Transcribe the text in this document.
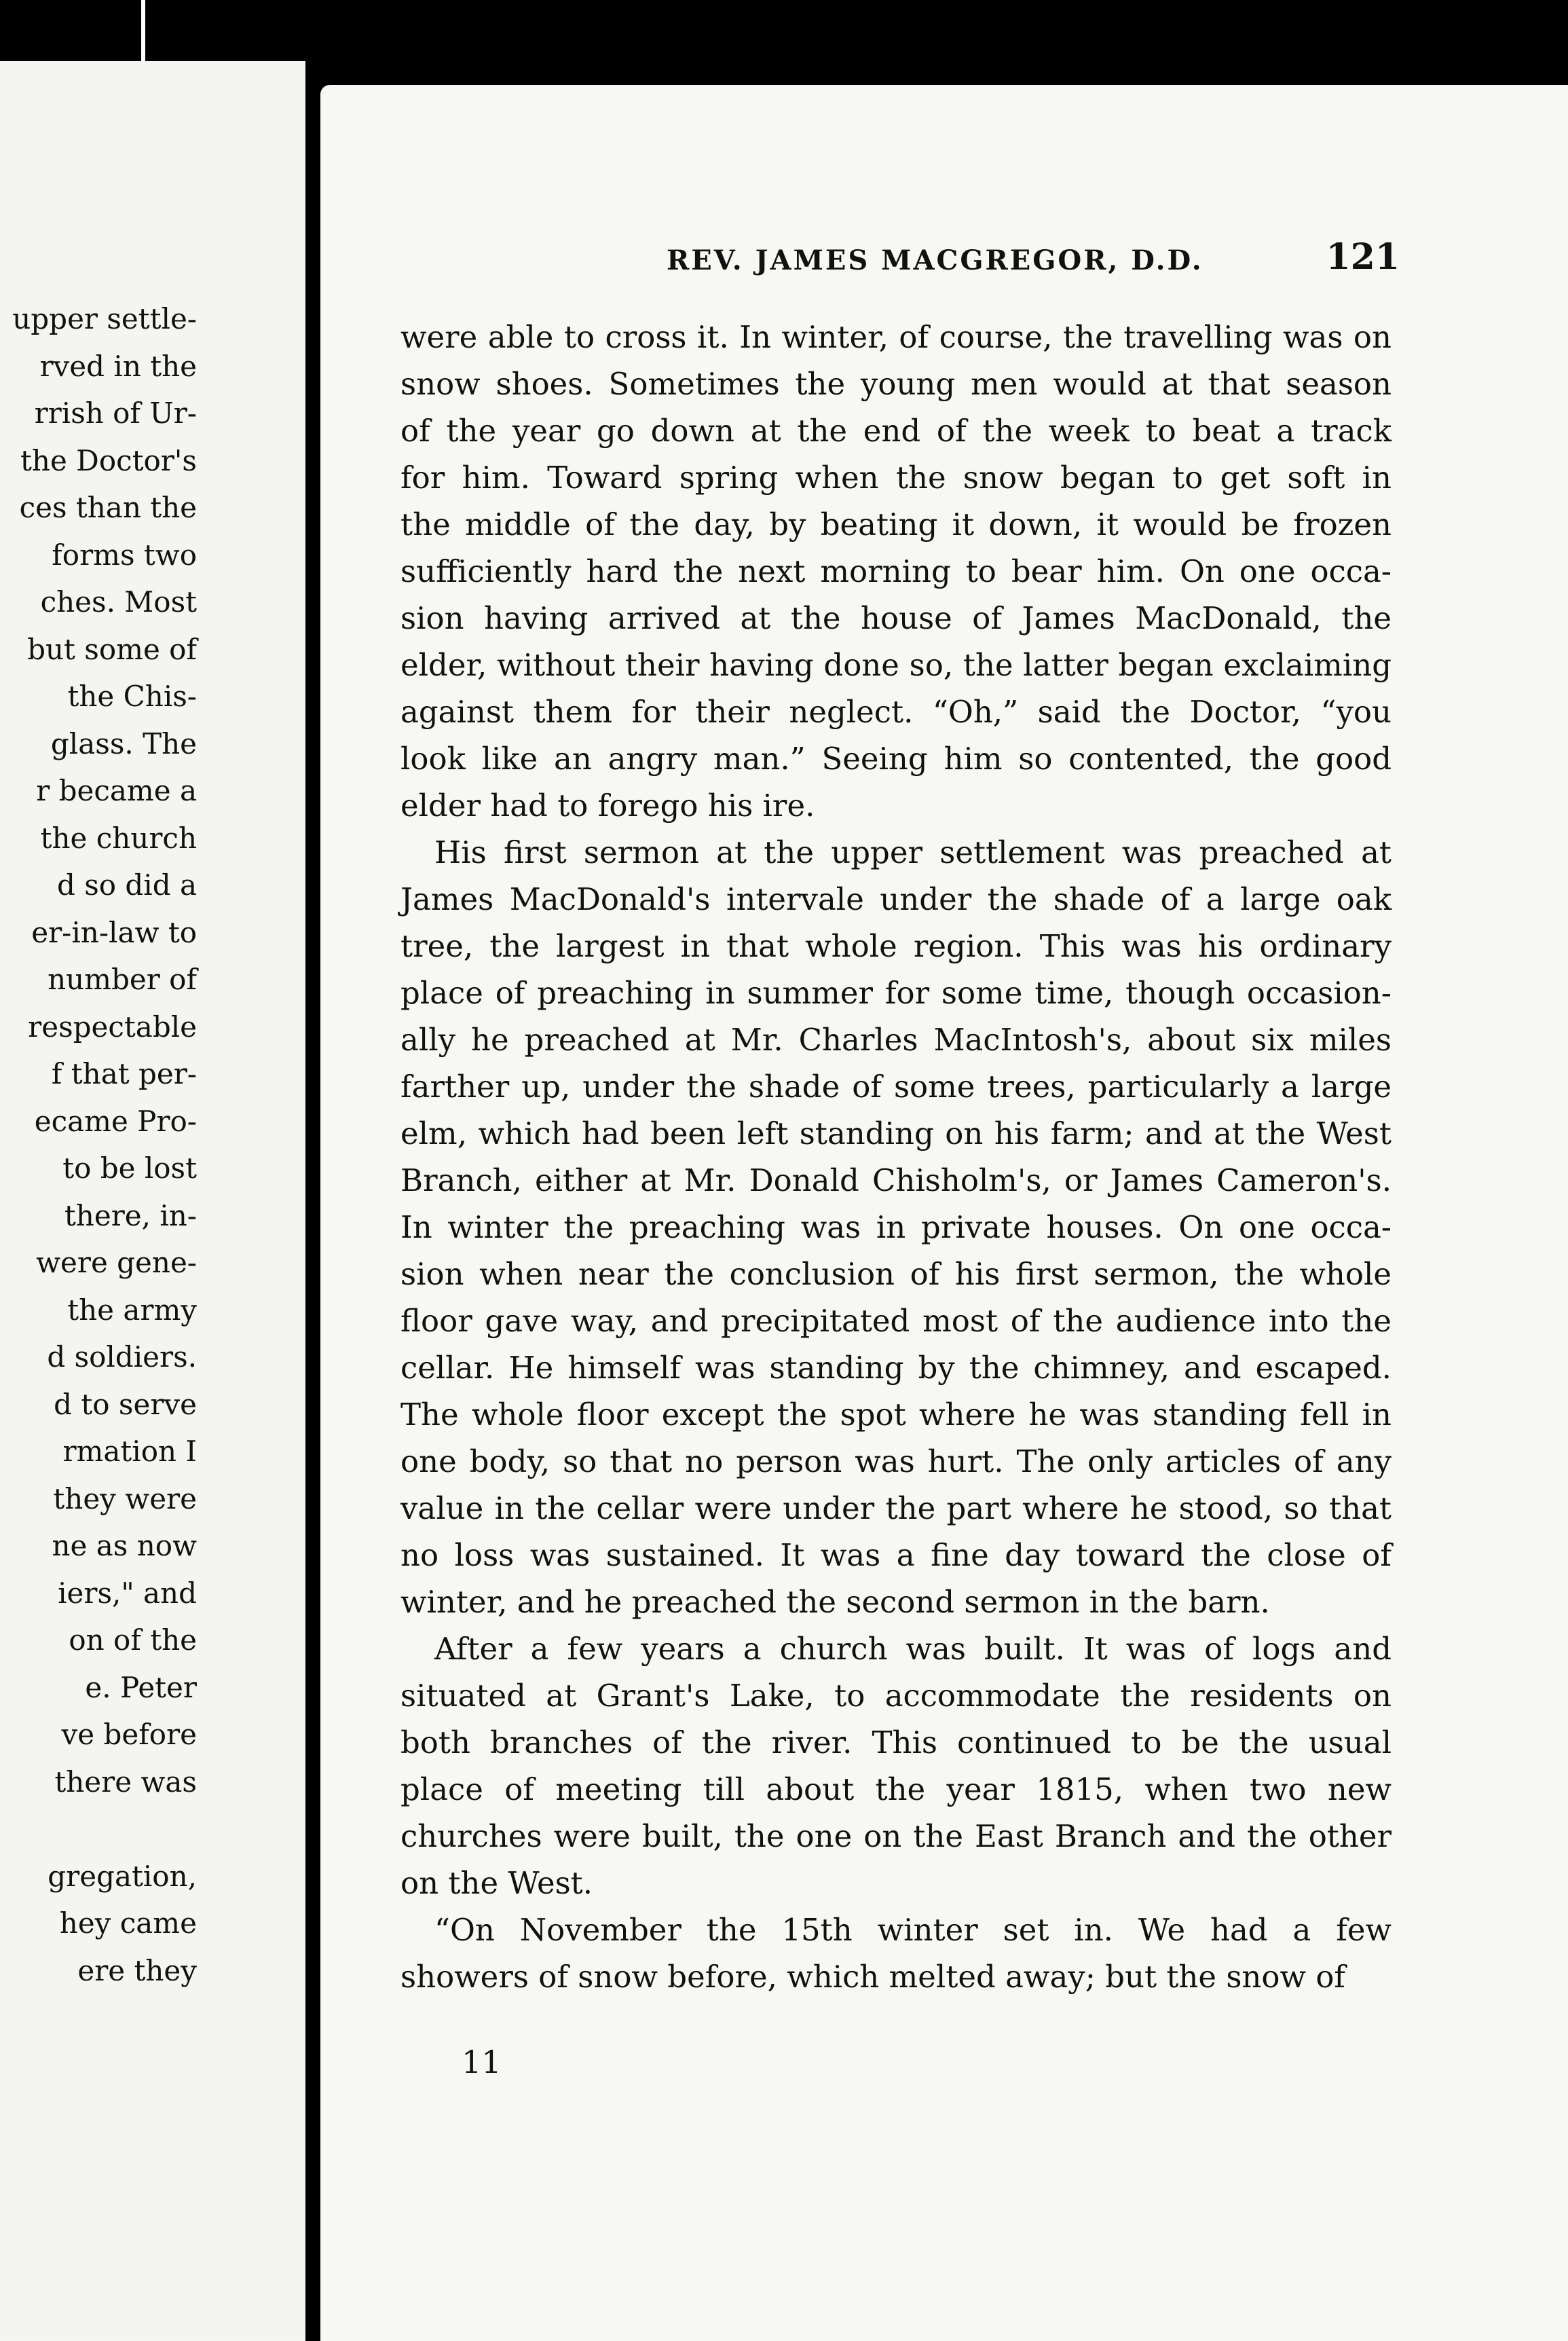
upper settle-
rved in the
rrish of Ur-
the Doctor's
ces than the
forms two
ches. Most
but some of
the Chis-
glass. The
r became a
the church
d so did a
er-in-law to
number of
respectable
f that per-
ecame Pro-
to be lost
there, in-
were gene-
the army
d soldiers.
d to serve
rmation I
they were
ne as now
iers," and
on of the
e. Peter
ve before
there was
gregation,
hey came
ere they
REV. JAMES MACGREGOR, D.D.	121
were able to cross it. In winter, of course, the travelling was on
snow shoes. Sometimes the young men would at that season
of the year go down at the end of the week to beat a track
for him. Toward spring when the snow began to get soft in
the middle of the day, by beating it down, it would be frozen
sufficiently hard the next morning to bear him. On one occa-
sion having arrived at the house of James MacDonald, the
elder, without their having done so, the latter began exclaiming
against them for their neglect. “Oh,” said the Doctor, “you
look like an angry man.” Seeing him so contented, the good
elder had to forego his ire.
His first sermon at the upper settlement was preached at
James MacDonald's intervale under the shade of a large oak
tree, the largest in that whole region. This was his ordinary
place of preaching in summer for some time, though occasion-
ally he preached at Mr. Charles MacIntosh's, about six miles
farther up, under the shade of some trees, particularly a large
elm, which had been left standing on his farm; and at the West
Branch, either at Mr. Donald Chisholm's, or James Cameron's.
In winter the preaching was in private houses. On one occa-
sion when near the conclusion of his first sermon, the whole
floor gave way, and precipitated most of the audience into the
cellar. He himself was standing by the chimney, and escaped.
The whole floor except the spot where he was standing fell in
one body, so that no person was hurt. The only articles of any
value in the cellar were under the part where he stood, so that
no loss was sustained. It was a fine day toward the close of
winter, and he preached the second sermon in the barn.
After a few years a church was built. It was of logs and
situated at Grant's Lake, to accommodate the residents on
both branches of the river. This continued to be the usual
place of meeting till about the year 1815, when two new
churches were built, the one on the East Branch and the other
on the West.
“On November the 15th winter set in. We had a few
showers of snow before, which melted away; but the snow of
11
